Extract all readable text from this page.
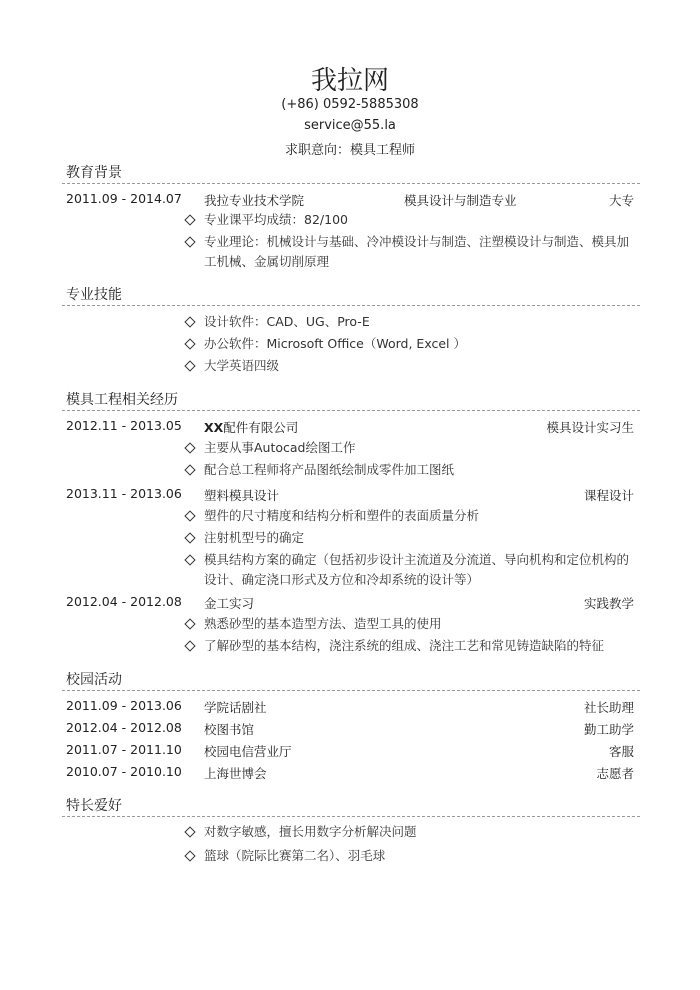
我拉网
(+86) 0592-5885308
service@55.la
求职意向：模具工程师
教育背景
2011.09 - 2014.07 我拉专业技术学院	模具设计与制造专业	大专
专业课平均成绩：82/100
专业理论：机械设计与基础、冷冲模设计与制造、注塑模设计与制造、模具加工机械、金属切削原理
专业技能
设计软件：CAD、UG、Pro-E
办公软件：Microsoft Office（Word, Excel ）
大学英语四级
模具工程相关经历
2012.11 - 2013.05 XX配件有限公司	模具设计实习生
主要从事Autocad绘图工作
配合总工程师将产品图纸绘制成零件加工图纸
2013.11 - 2013.06 塑料模具设计	课程设计
塑件的尺寸精度和结构分析和塑件的表面质量分析
注射机型号的确定
模具结构方案的确定（包括初步设计主流道及分流道、导向机构和定位机构的设计、确定浇口形式及方位和冷却系统的设计等）
2012.04 - 2012.08 金工实习	实践教学
熟悉砂型的基本造型方法、造型工具的使用
了解砂型的基本结构，浇注系统的组成、浇注工艺和常见铸造缺陷的特征
校园活动
2011.09 - 2013.06 学院话剧社	社长助理
2012.04 - 2012.08 校图书馆	勤工助学
2011.07 - 2011.10 校园电信营业厅	客服
2010.07 - 2010.10 上海世博会	志愿者
特长爱好
对数字敏感，擅长用数字分析解决问题
篮球（院际比赛第二名）、羽毛球
